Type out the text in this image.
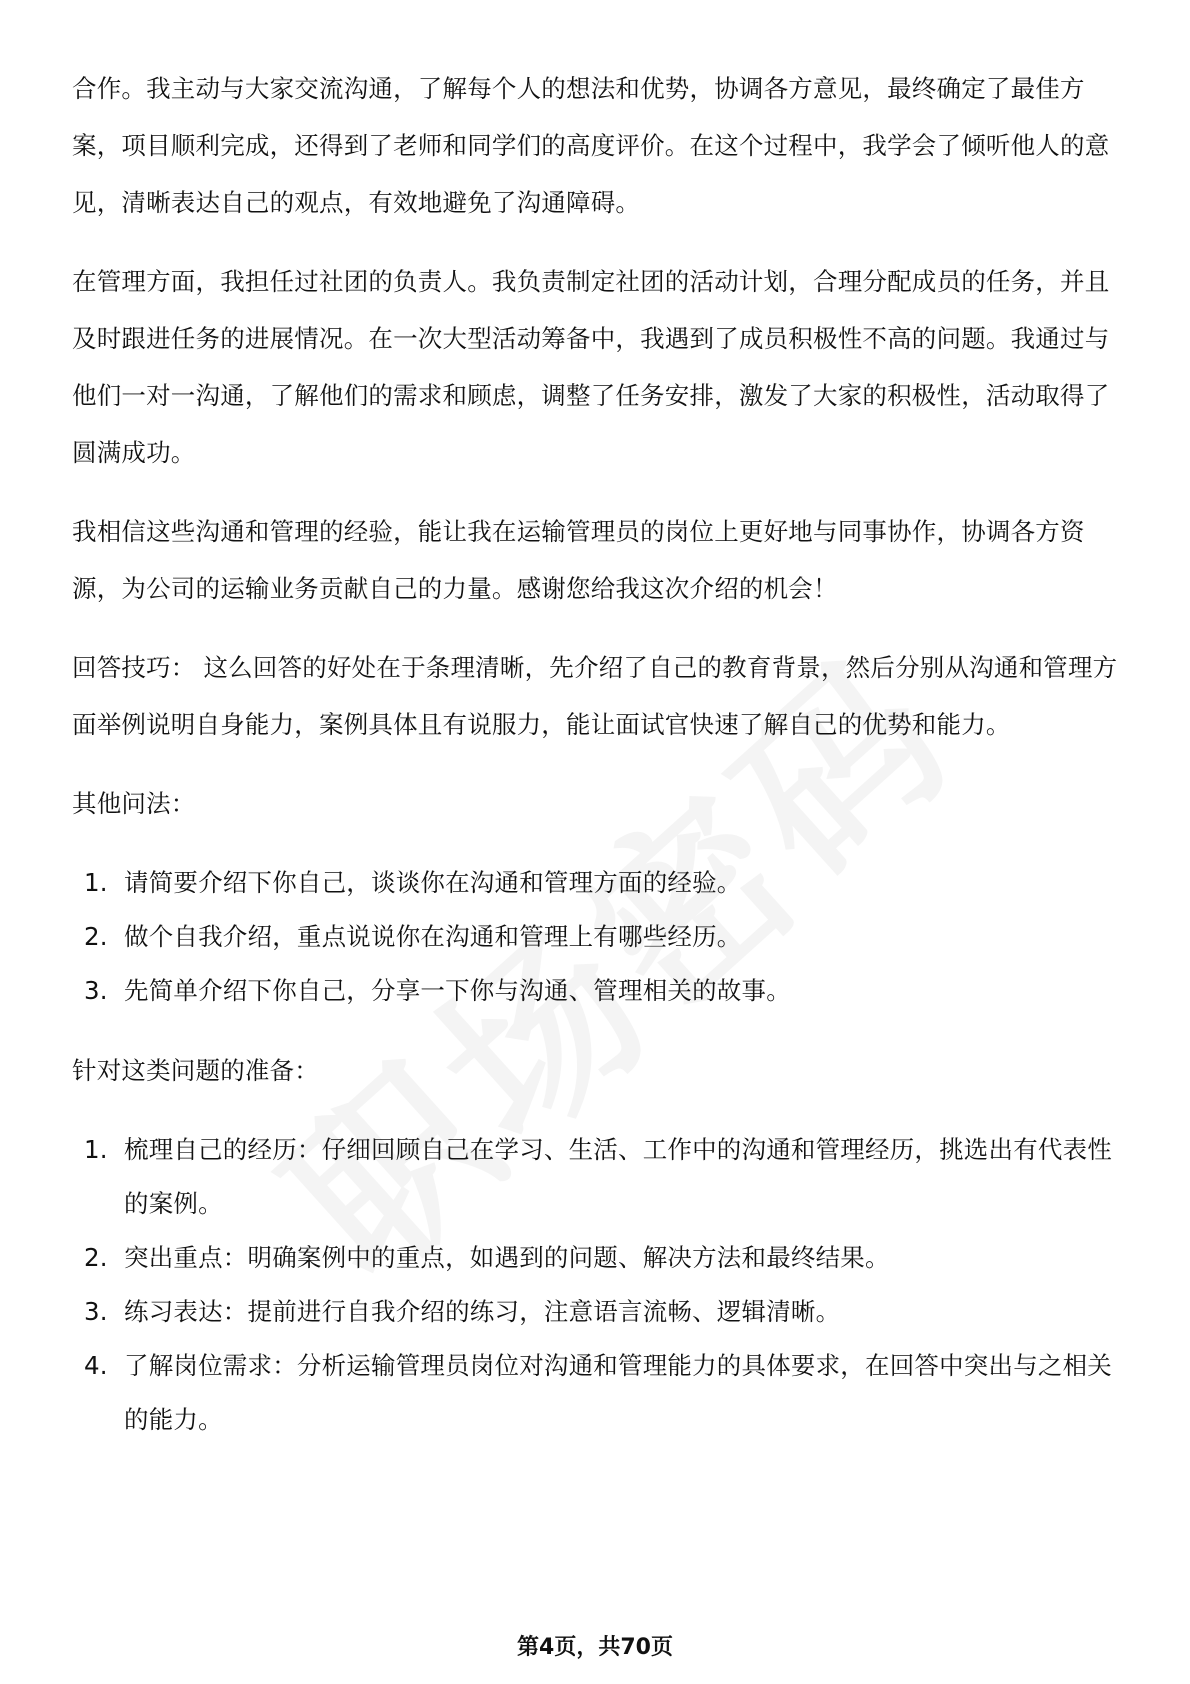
合作。我主动与大家交流沟通，了解每个人的想法和优势，协调各方意见，最终确定了最佳方案，项目顺利完成，还得到了老师和同学们的高度评价。在这个过程中，我学会了倾听他人的意见，清晰表达自己的观点，有效地避免了沟通障碍。

在管理方面，我担任过社团的负责人。我负责制定社团的活动计划，合理分配成员的任务，并且及时跟进任务的进展情况。在一次大型活动筹备中，我遇到了成员积极性不高的问题。我通过与他们一对一沟通，了解他们的需求和顾虑，调整了任务安排，激发了大家的积极性，活动取得了圆满成功。

我相信这些沟通和管理的经验，能让我在运输管理员的岗位上更好地与同事协作，协调各方资源，为公司的运输业务贡献自己的力量。感谢您给我这次介绍的机会！

回答技巧： 这么回答的好处在于条理清晰，先介绍了自己的教育背景，然后分别从沟通和管理方面举例说明自身能力，案例具体且有说服力，能让面试官快速了解自己的优势和能力。

其他问法：

1. 请简要介绍下你自己，谈谈你在沟通和管理方面的经验。
2. 做个自我介绍，重点说说你在沟通和管理上有哪些经历。
3. 先简单介绍下你自己，分享一下你与沟通、管理相关的故事。

针对这类问题的准备：

1. 梳理自己的经历：仔细回顾自己在学习、生活、工作中的沟通和管理经历，挑选出有代表性的案例。
2. 突出重点：明确案例中的重点，如遇到的问题、解决方法和最终结果。
3. 练习表达：提前进行自我介绍的练习，注意语言流畅、逻辑清晰。
4. 了解岗位需求：分析运输管理员岗位对沟通和管理能力的具体要求，在回答中突出与之相关的能力。
第4页，共70页
